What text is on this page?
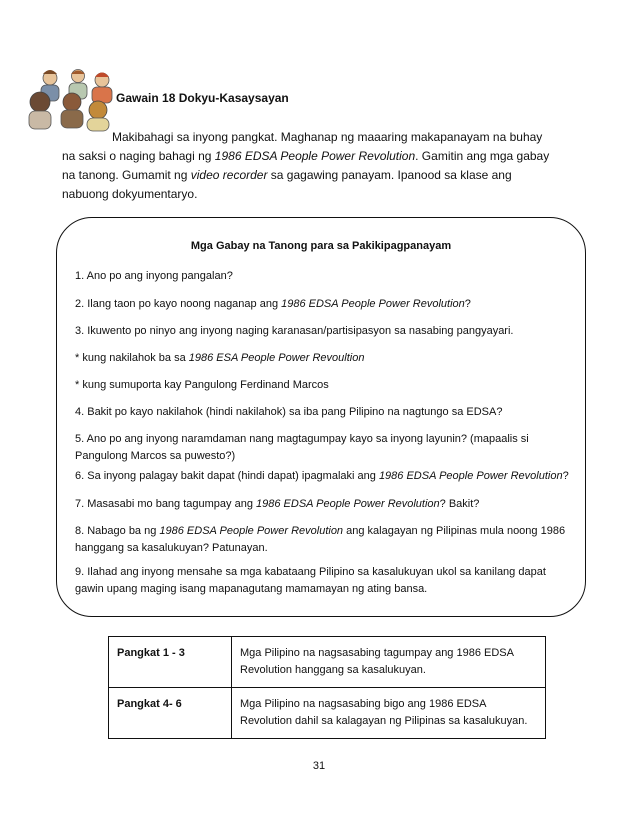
Gawain 18 Dokyu-Kasaysayan
Makibahagi sa inyong pangkat. Maghanap ng maaaring makapanayam na buhay na saksi o naging bahagi ng 1986 EDSA People Power Revolution. Gamitin ang mga gabay na tanong. Gumamit ng video recorder sa gagawing panayam. Ipanood sa klase ang nabuong dokyumentaryo.
Mga Gabay na Tanong para sa Pakikipagpanayam
1. Ano po ang inyong pangalan?
2. Ilang taon po kayo noong naganap ang 1986 EDSA People Power Revolution?
3. Ikuwento po ninyo ang inyong naging karanasan/partisipasyon sa nasabing pangyayari.
* kung nakilahok ba sa 1986 ESA People Power Revoultion
* kung sumuporta kay Pangulong Ferdinand Marcos
4. Bakit po kayo nakilahok (hindi nakilahok) sa iba pang Pilipino na nagtungo sa EDSA?
5. Ano po ang inyong naramdaman nang magtagumpay kayo sa inyong layunin? (mapaalis si Pangulong Marcos sa puwesto?)
6. Sa inyong palagay bakit dapat (hindi dapat) ipagmalaki ang 1986 EDSA People Power Revolution?
7. Masasabi mo bang tagumpay ang 1986 EDSA People Power Revolution? Bakit?
8. Nabago ba ng 1986 EDSA People Power Revolution ang kalagayan ng Pilipinas mula noong 1986 hanggang sa kasalukuyan? Patunayan.
9. Ilahad ang inyong mensahe sa mga kabataang Pilipino sa kasalukuyan ukol sa kanilang dapat gawin upang maging isang mapanagutang mamamayan ng ating bansa.
Pangkat 1 - 3	Mga Pilipino na nagsasabing tagumpay ang 1986 EDSA Revolution hanggang sa kasalukuyan.
Pangkat 4- 6	Mga Pilipino na nagsasabing bigo ang 1986 EDSA Revolution dahil sa kalagayan ng Pilipinas sa kasalukuyan.
31
